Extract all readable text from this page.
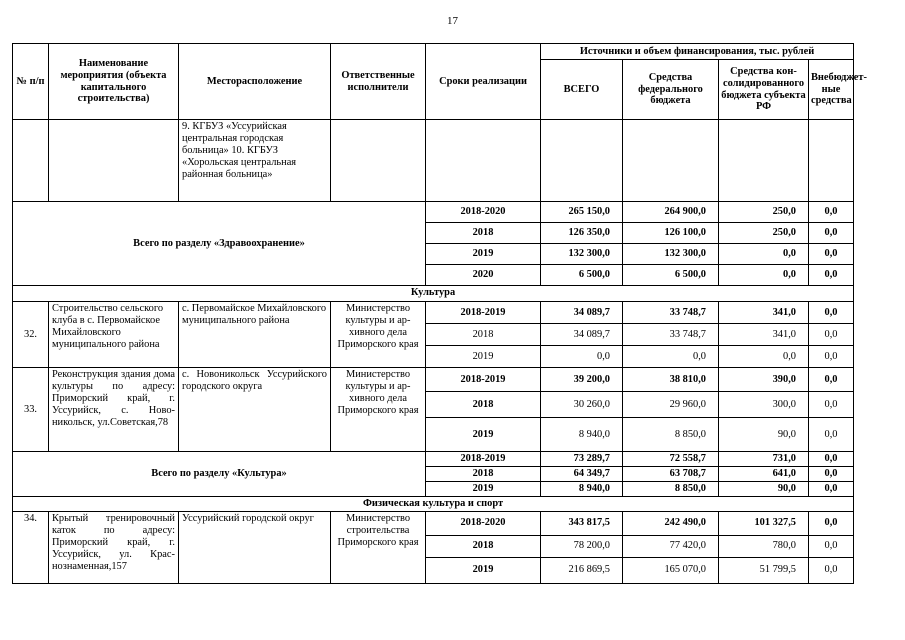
17
№ п/п	Наименование мероприятия (объекта капитального строительства)	Месторасположение	Ответственные исполнители	Сроки реализации	Источники и объем финансирования, тыс. рублей			
					ВСЕГО	Средства федерального бюджета	Средства консолидированного бюджета субъекта РФ	Внебюджетные средства
		9. КГБУЗ «Уссурийская центральная городская больница» 10. КГБУЗ «Хорольская центральная районная больница»						
Всего по разделу «Здравоохранение»				2018-2020	265 150,0	264 900,0	250,0	0,0
				2018	126 350,0	126 100,0	250,0	0,0
				2019	132 300,0	132 300,0	0,0	0,0
				2020	6 500,0	6 500,0	0,0	0,0
Культура								
32.	Строительство сельского клуба в с. Первомайское Михайловского муниципального района	с. Первомайское Михайловского муниципального района	Министерство культуры и архивного дела Приморского края	2018-2019	34 089,7	33 748,7	341,0	0,0
				2018	34 089,7	33 748,7	341,0	0,0
				2019	0,0	0,0	0,0	0,0
33.	Реконструкция здания дома культуры по адресу: Приморский край, г. Уссурийск, с. Новоникольск, ул.Советская,78	с. Новоникольск Уссурийского городского округа	Министерство культуры и архивного дела Приморского края	2018-2019	39 200,0	38 810,0	390,0	0,0
				2018	30 260,0	29 960,0	300,0	0,0
				2019	8 940,0	8 850,0	90,0	0,0
Всего по разделу «Культура»				2018-2019	73 289,7	72 558,7	731,0	0,0
				2018	64 349,7	63 708,7	641,0	0,0
				2019	8 940,0	8 850,0	90,0	0,0
Физическая культура и спорт								
34.	Крытый тренировочный каток по адресу: Приморский край, г. Уссурийск, ул. Краснознаменная,157	Уссурийский городской округ	Министерство строительства Приморского края	2018-2020	343 817,5	242 490,0	101 327,5	0,0
				2018	78 200,0	77 420,0	780,0	0,0
				2019	216 869,5	165 070,0	51 799,5	0,0
